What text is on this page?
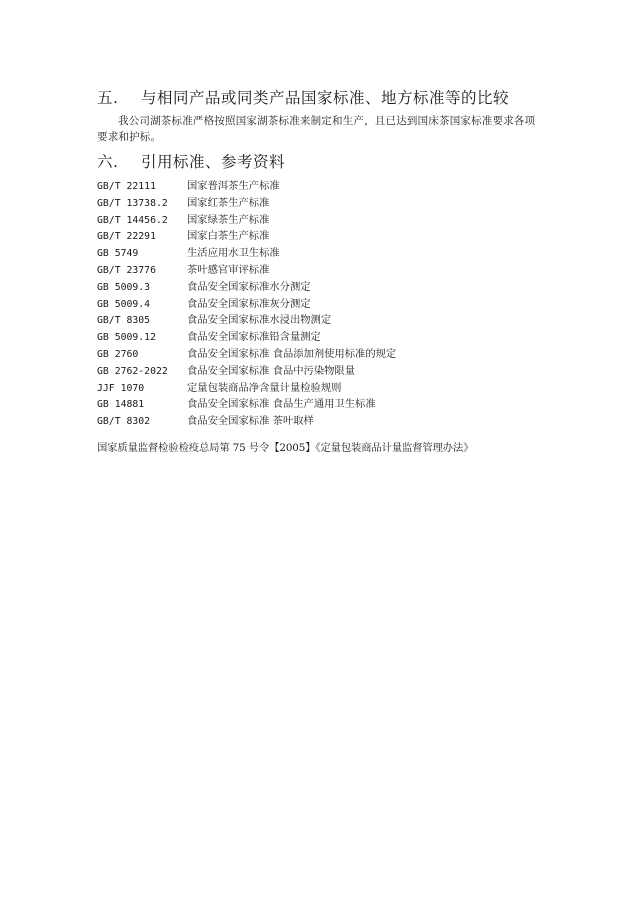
五. 与相同产品或同类产品国家标准、地方标准等的比较
我公司湖茶标准严格按照国家湖茶标准来制定和生产，且已达到国床茶国家标准要求各项要求和护标。
六. 引用标准、参考资料
GB/T 22111	国家普洱茶生产标准
GB/T 13738.2 国家红茶生产标准
GB/T 14456.2 国家绿茶生产标准
GB/T 22291	国家白茶生产标准
GB 5749	生活应用水卫生标准
GB/T 23776	茶叶感官审评标准
GB 5009.3	食品安全国家标准水分测定
GB 5009.4	食品安全国家标准灰分测定
GB/T 8305	食品安全国家标准水浸出物测定
GB 5009.12	食品安全国家标准铅含量测定
GB 2760	食品安全国家标准 食品添加剂使用标准的规定
GB 2762-2022 食品安全国家标准 食品中污染物限量
JJF 1070	定量包装商品净含量计量检验规则
GB 14881	食品安全国家标准 食品生产通用卫生标准
GB/T 8302	食品安全国家标准 茶叶取样
国家质量监督检验检疫总局第 75 号令【2005】《定量包装商品计量监督管理办法》
